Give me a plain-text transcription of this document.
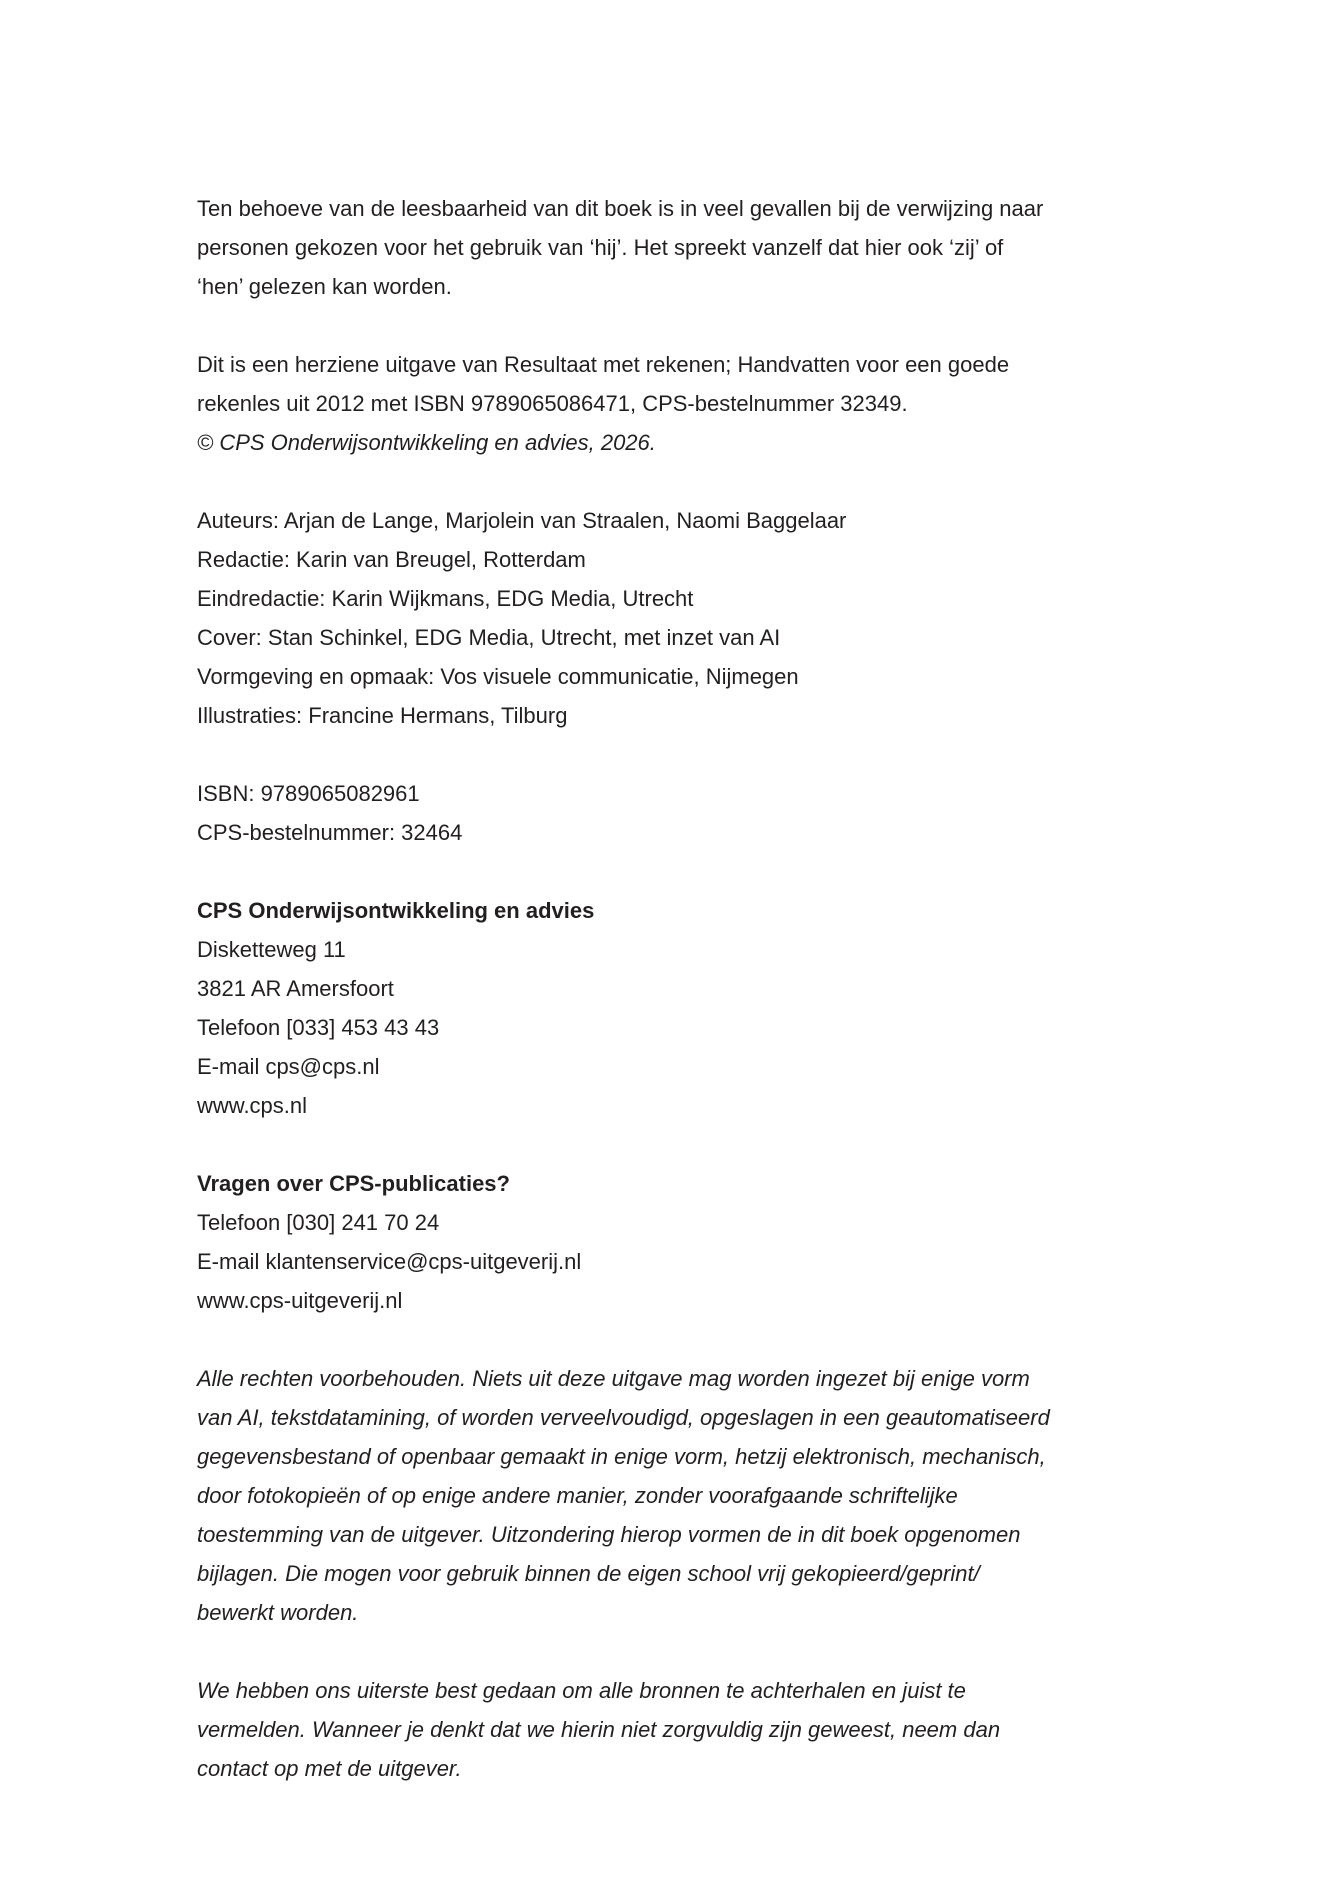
Ten behoeve van de leesbaarheid van dit boek is in veel gevallen bij de verwijzing naar
personen gekozen voor het gebruik van ‘hij’. Het spreekt vanzelf dat hier ook ‘zij’ of
‘hen’ gelezen kan worden.
Dit is een herziene uitgave van Resultaat met rekenen; Handvatten voor een goede
rekenles uit 2012 met ISBN 9789065086471, CPS-bestelnummer 32349.
© CPS Onderwijsontwikkeling en advies, 2026.
Auteurs: Arjan de Lange, Marjolein van Straalen, Naomi Baggelaar
Redactie: Karin van Breugel, Rotterdam
Eindredactie: Karin Wijkmans, EDG Media, Utrecht
Cover: Stan Schinkel, EDG Media, Utrecht, met inzet van AI
Vormgeving en opmaak: Vos visuele communicatie, Nijmegen
Illustraties: Francine Hermans, Tilburg
ISBN: 9789065082961
CPS-bestelnummer: 32464
CPS Onderwijsontwikkeling en advies
Disketteweg 11
3821 AR Amersfoort
Telefoon [033] 453 43 43
E-mail cps@cps.nl
www.cps.nl
Vragen over CPS-publicaties?
Telefoon [030] 241 70 24
E-mail klantenservice@cps-uitgeverij.nl
www.cps-uitgeverij.nl
Alle rechten voorbehouden. Niets uit deze uitgave mag worden ingezet bij enige vorm
van AI, tekstdatamining, of worden verveelvoudigd, opgeslagen in een geautomatiseerd
gegevensbestand of openbaar gemaakt in enige vorm, hetzij elektronisch, mechanisch,
door fotokopieën of op enige andere manier, zonder voorafgaande schriftelijke
toestemming van de uitgever. Uitzondering hierop vormen de in dit boek opgenomen
bijlagen. Die mogen voor gebruik binnen de eigen school vrij gekopieerd/geprint/
bewerkt worden.
We hebben ons uiterste best gedaan om alle bronnen te achterhalen en juist te
vermelden. Wanneer je denkt dat we hierin niet zorgvuldig zijn geweest, neem dan
contact op met de uitgever.
